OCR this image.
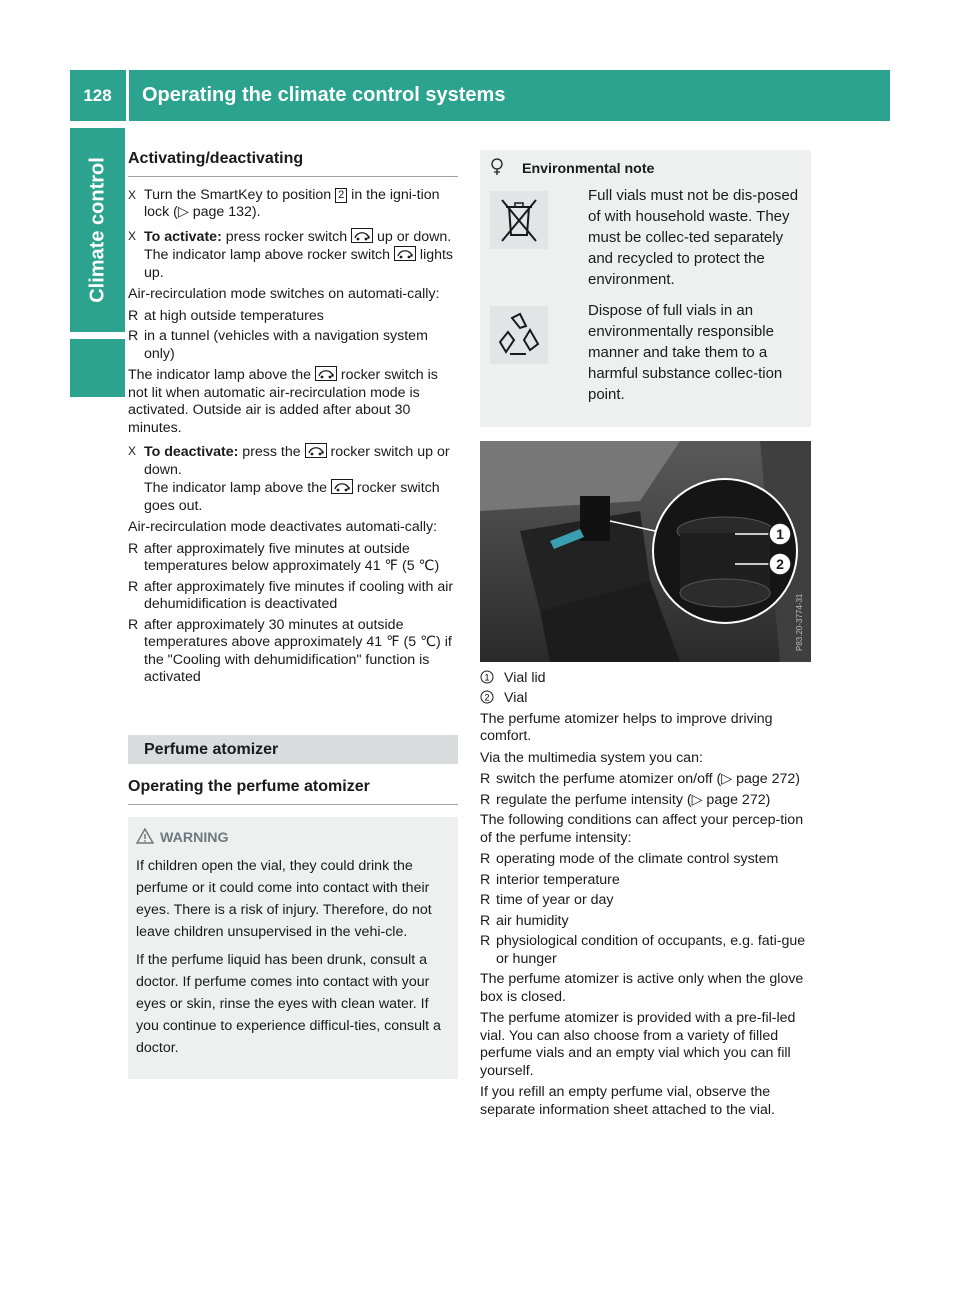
128	Operating the climate control systems
Climate control Activating/deactivating
X Turn the SmartKey to position 2 in the igni-tion lock (▷ page 132).
X To activate: press rocker switch  up or down.
The indicator lamp above rocker switch  lights up.

Air-recirculation mode switches on automati-cally:

R at high outside temperatures
R in a tunnel (vehicles with a navigation system only)

The indicator lamp above the  rocker switch is not lit when automatic air-recirculation mode is activated. Outside air is added after about 30 minutes.

X To deactivate: press the  rocker switch up or down.
The indicator lamp above the  rocker switch goes out.

Air-recirculation mode deactivates automati-cally:

R after approximately five minutes at outside temperatures below approximately 41 ℉ (5 ℃)
R after approximately five minutes if cooling with air dehumidification is deactivated
R after approximately 30 minutes at outside temperatures above approximately 41 ℉ (5 ℃) if the "Cooling with dehumidification" function is activated
Perfume atomizer
Operating the perfume atomizer
WARNING

If children open the vial, they could drink the perfume or it could come into contact with their eyes. There is a risk of injury. Therefore, do not leave children unsupervised in the vehi-cle.

If the perfume liquid has been drunk, consult a doctor. If perfume comes into contact with your eyes or skin, rinse the eyes with clean water. If you continue to experience difficul-ties, consult a doctor.

Environmental note
Full vials must not be dis-posed of with household waste. They must be collec-ted separately and recycled to protect the environment.
Dispose of full vials in an environmentally responsible manner and take them to a harmful substance collec-tion point.
1
2
P83.20-3774-31
1 Vial lid
2 Vial

The perfume atomizer helps to improve driving comfort.

Via the multimedia system you can:

R switch the perfume atomizer on/off (▷ page 272)
R regulate the perfume intensity (▷ page 272)

The following conditions can affect your percep-tion of the perfume intensity:

R operating mode of the climate control system
R interior temperature
R time of year or day
R air humidity
R physiological condition of occupants, e.g. fati-gue or hunger

The perfume atomizer is active only when the glove box is closed.

The perfume atomizer is provided with a pre-fil-led vial. You can also choose from a variety of filled perfume vials and an empty vial which you can fill yourself.

If you refill an empty perfume vial, observe the separate information sheet attached to the vial.
